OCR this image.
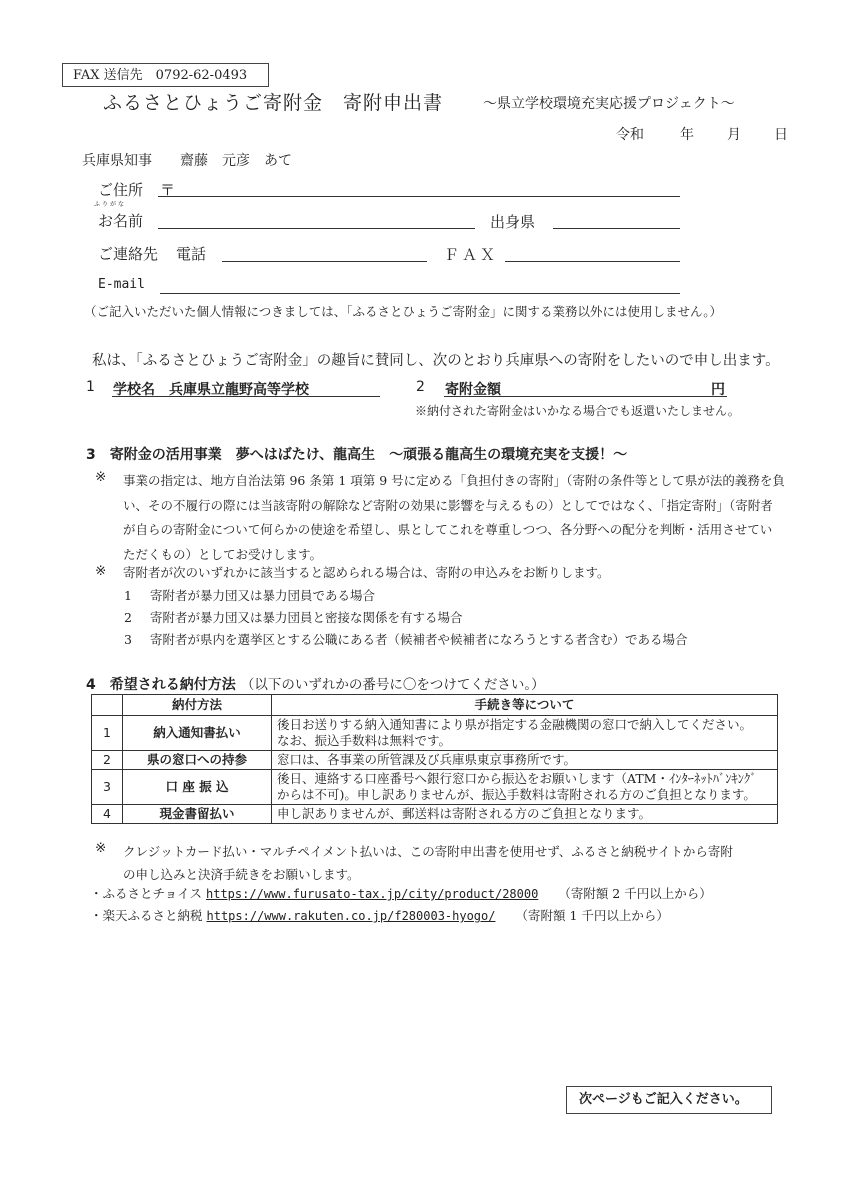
FAX 送信先　0792-62-0493
ふるさとひょうご寄附金　寄附申出書	～県立学校環境充実応援プロジェクト～
令和	年 月 日
兵庫県知事　　齋藤　元彦　あて
ご住所 〒
ふりがな
お名前	出身県
ご連絡先 電話	ＦＡＸ
E-mail
（ご記入いただいた個人情報につきましては、「ふるさとひょうご寄附金」に関する業務以外には使用しません。）
私は、「ふるさとひょうご寄附金」の趣旨に賛同し、次のとおり兵庫県への寄附をしたいので申し出ます。
1 学校名　兵庫県立龍野高等学校	2 寄附金額	円
※納付された寄附金はいかなる場合でも返還いたしません。
3　寄附金の活用事業　夢へはばたけ、龍高生　～頑張る龍高生の環境充実を支援！～
※ 事業の指定は、地方自治法第 96 条第 1 項第 9 号に定める「負担付きの寄附」（寄附の条件等として県が法的義務を負
い、その不履行の際には当該寄附の解除など寄附の効果に影響を与えるもの）としてではなく、「指定寄附」（寄附者
が自らの寄附金について何らかの使途を希望し、県としてこれを尊重しつつ、各分野への配分を判断・活用させてい
ただくもの）としてお受けします。
※ 寄附者が次のいずれかに該当すると認められる場合は、寄附の申込みをお断りします。
1 寄附者が暴力団又は暴力団員である場合
2 寄附者が暴力団又は暴力団員と密接な関係を有する場合
3 寄附者が県内を選挙区とする公職にある者（候補者や候補者になろうとする者含む）である場合
4　希望される納付方法 （以下のいずれかの番号に〇をつけてください。）
	納付方法	手続き等について
1	納入通知書払い	後日お送りする納入通知書により県が指定する金融機関の窓口で納入してください。
なお、振込手数料は無料です。

2	県の窓口への持参	窓口は、各事業の所管課及び兵庫県東京事務所です。

3	口 座 振 込	後日、連絡する口座番号へ銀行窓口から振込をお願いします（ATM・ｲﾝﾀｰﾈｯﾄﾊﾞﾝｷﾝｸﾞ
からは不可)。申し訳ありませんが、振込手数料は寄附される方のご負担となります。

4	現金書留払い	申し訳ありませんが、郵送料は寄附される方のご負担となります。
※ クレジットカード払い・マルチペイメント払いは、この寄附申出書を使用せず、ふるさと納税サイトから寄附
の申し込みと決済手続きをお願いします。
・ふるさとチョイス https://www.furusato-tax.jp/city/product/28000 （寄附額 2 千円以上から）
・楽天ふるさと納税 https://www.rakuten.co.jp/f280003-hyogo/ （寄附額 1 千円以上から）
次ページもご記入ください。
